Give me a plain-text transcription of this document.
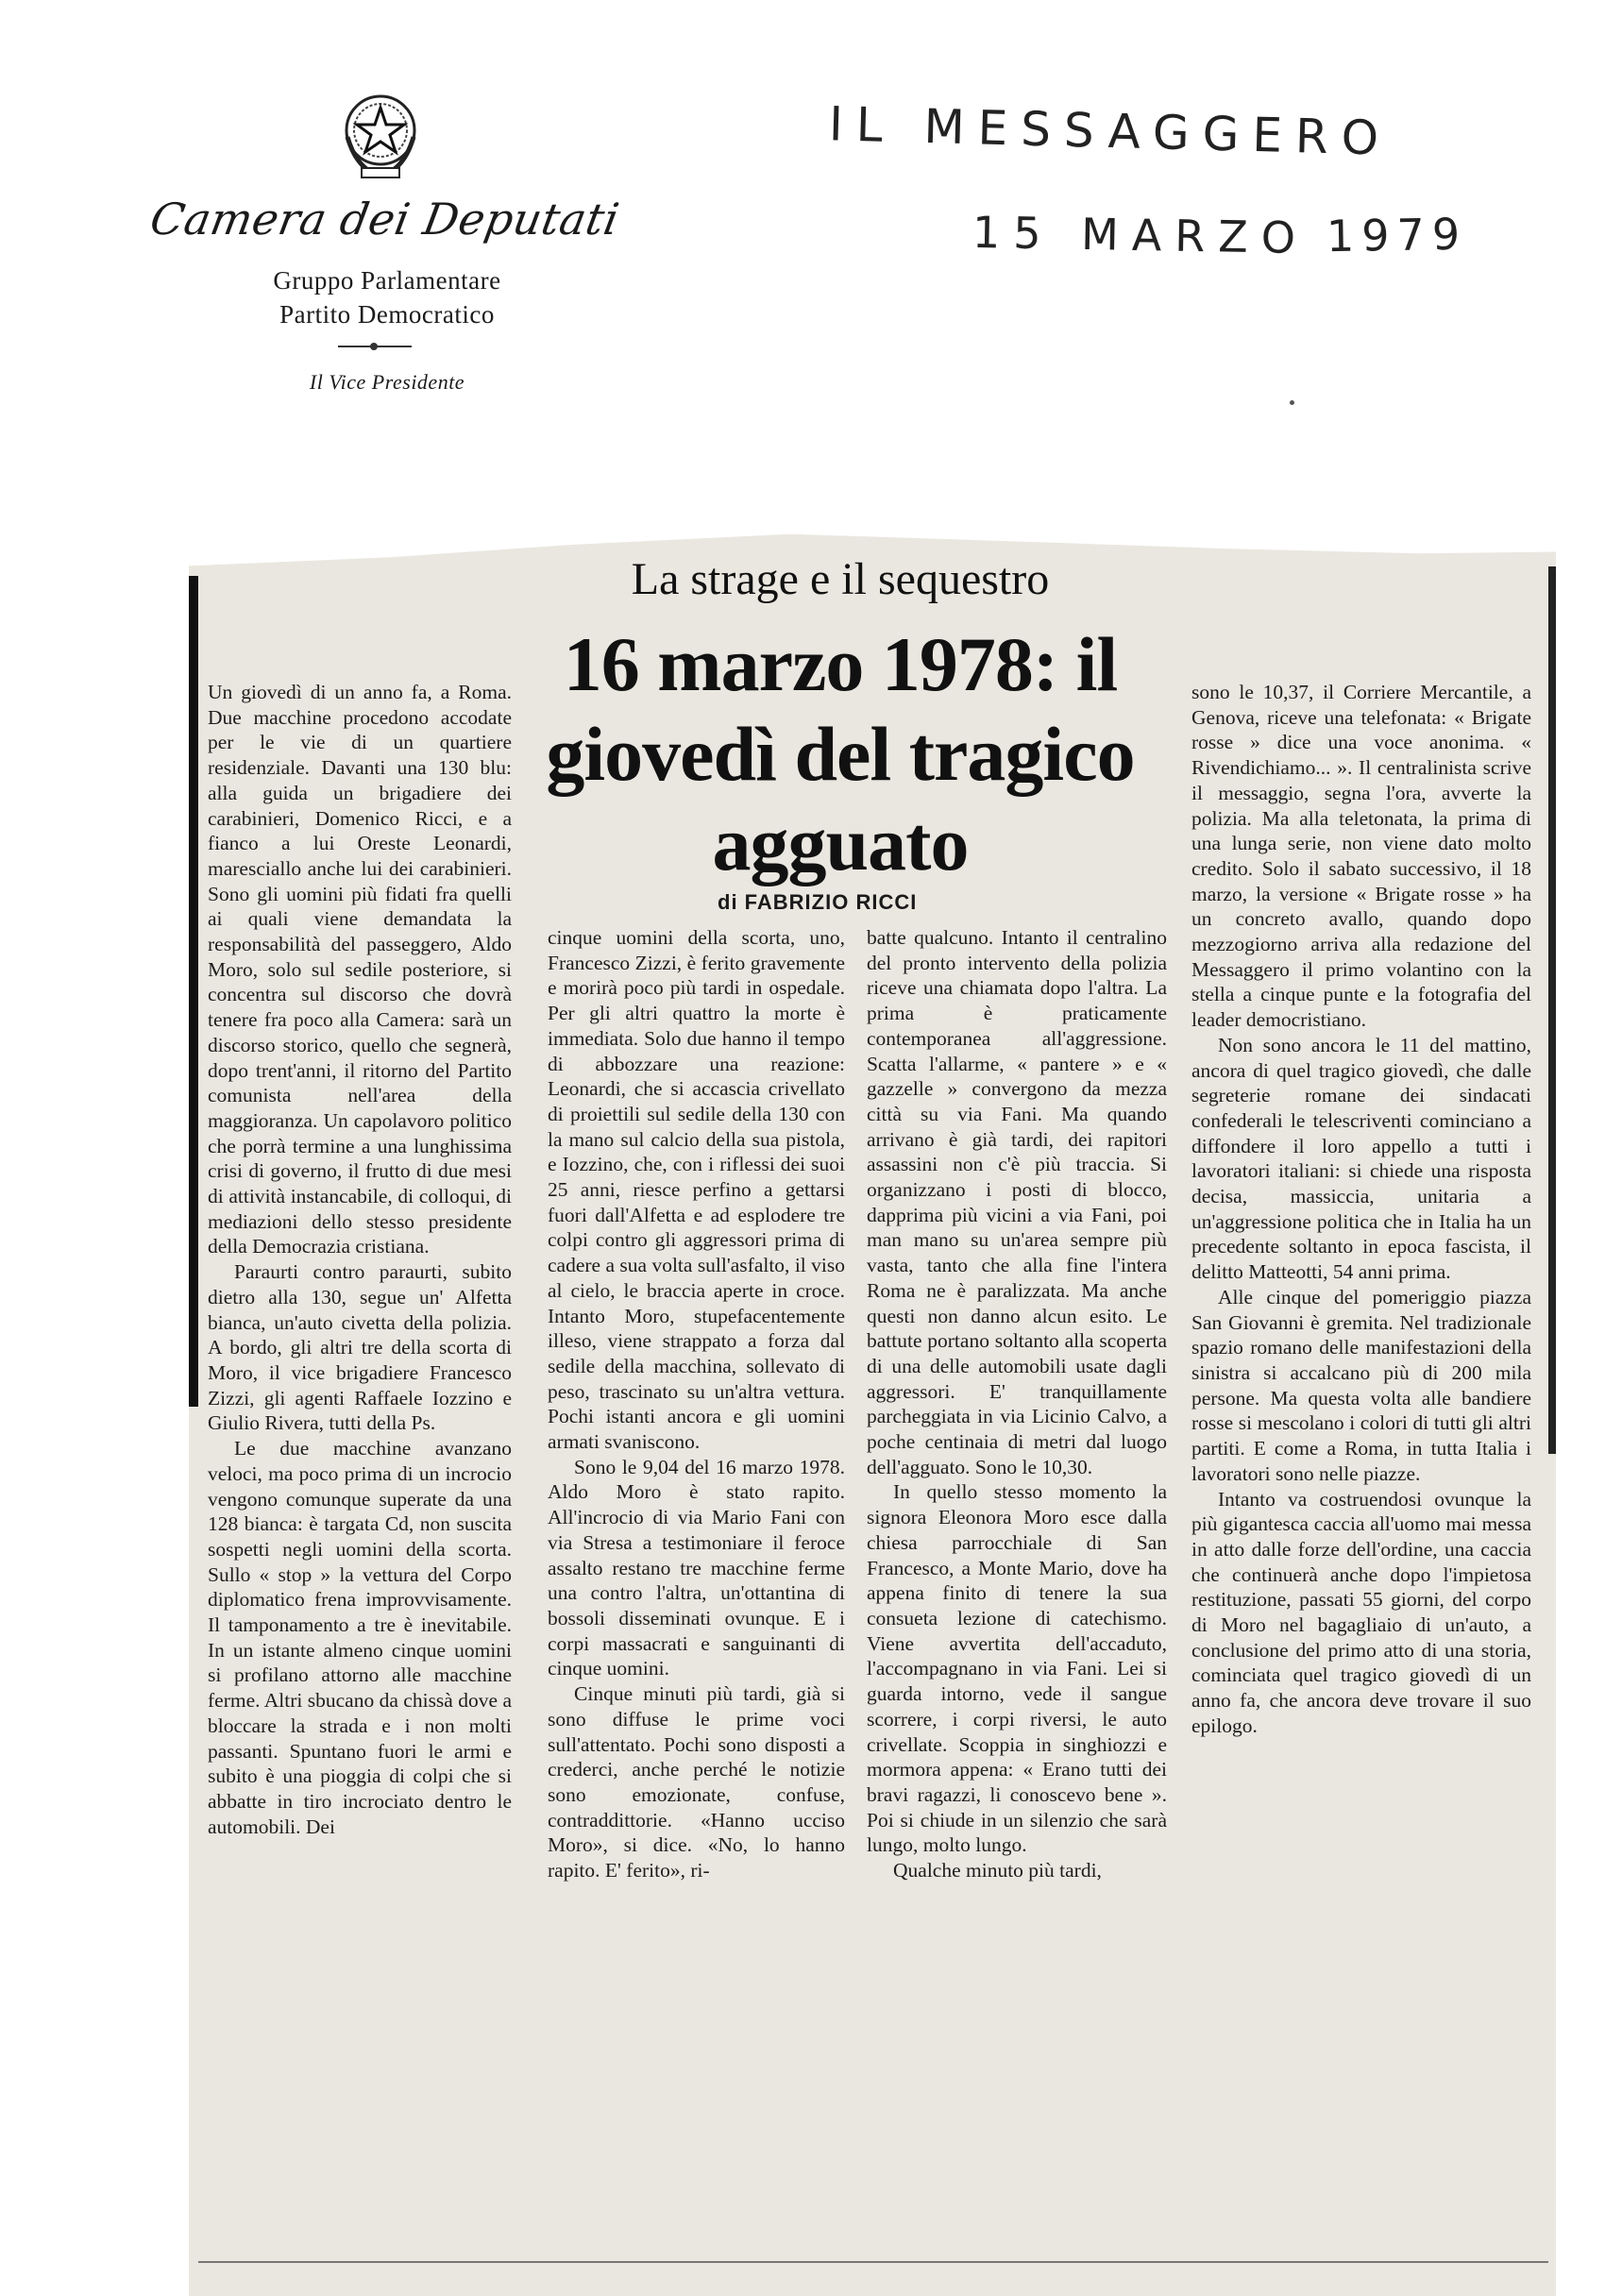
Camera dei Deputati
Gruppo Parlamentare
Partito Democratico
Il Vice Presidente
IL MESSAGGERO
15 MARZO 1979
La strage e il sequestro
16 marzo 1978: il giovedì del tragico agguato
di FABRIZIO RICCI

Un giovedì di un anno fa, a Roma. Due macchine procedono accodate per le vie di un quartiere residenziale. Davanti una 130 blu: alla guida un brigadiere dei carabinieri, Domenico Ricci, e a fianco a lui Oreste Leonardi, maresciallo anche lui dei carabinieri. Sono gli uomini più fidati fra quelli ai quali viene demandata la responsabilità del passeggero, Aldo Moro, solo sul sedile posteriore, si concentra sul discorso che dovrà tenere fra poco alla Camera: sarà un discorso storico, quello che segnerà, dopo trent'anni, il ritorno del Partito comunista nell'area della maggioranza. Un capolavoro politico che porrà termine a una lunghissima crisi di governo, il frutto di due mesi di attività instancabile, di colloqui, di mediazioni dello stesso presidente della Democrazia cristiana.

Paraurti contro paraurti, subito dietro alla 130, segue un' Alfetta bianca, un'auto civetta della polizia. A bordo, gli altri tre della scorta di Moro, il vice brigadiere Francesco Zizzi, gli agenti Raffaele Iozzino e Giulio Rivera, tutti della Ps.

Le due macchine avanzano veloci, ma poco prima di un incrocio vengono comunque superate da una 128 bianca: è targata Cd, non suscita sospetti negli uomini della scorta. Sullo « stop » la vettura del Corpo diplomatico frena improvvisamente. Il tamponamento a tre è inevitabile. In un istante almeno cinque uomini si profilano attorno alle macchine ferme. Altri sbucano da chissà dove a bloccare la strada e i non molti passanti. Spuntano fuori le armi e subito è una pioggia di colpi che si abbatte in tiro incrociato dentro le automobili. Dei

cinque uomini della scorta, uno, Francesco Zizzi, è ferito gravemente e morirà poco più tardi in ospedale. Per gli altri quattro la morte è immediata. Solo due hanno il tempo di abbozzare una reazione: Leonardi, che si accascia crivellato di proiettili sul sedile della 130 con la mano sul calcio della sua pistola, e Iozzino, che, con i riflessi dei suoi 25 anni, riesce perfino a gettarsi fuori dall'Alfetta e ad esplodere tre colpi contro gli aggressori prima di cadere a sua volta sull'asfalto, il viso al cielo, le braccia aperte in croce. Intanto Moro, stupefacentemente illeso, viene strappato a forza dal sedile della macchina, sollevato di peso, trascinato su un'altra vettura. Pochi istanti ancora e gli uomini armati svaniscono.

Sono le 9,04 del 16 marzo 1978. Aldo Moro è stato rapito. All'incrocio di via Mario Fani con via Stresa a testimoniare il feroce assalto restano tre macchine ferme una contro l'altra, un'ottantina di bossoli disseminati ovunque. E i corpi massacrati e sanguinanti di cinque uomini.

Cinque minuti più tardi, già si sono diffuse le prime voci sull'attentato. Pochi sono disposti a crederci, anche perché le notizie sono emozionate, confuse, contraddittorie. «Hanno ucciso Moro», si dice. «No, lo hanno rapito. E' ferito», ri-

batte qualcuno. Intanto il centralino del pronto intervento della polizia riceve una chiamata dopo l'altra. La prima è praticamente contemporanea all'aggressione. Scatta l'allarme, « pantere » e « gazzelle » convergono da mezza città su via Fani. Ma quando arrivano è già tardi, dei rapitori assassini non c'è più traccia. Si organizzano i posti di blocco, dapprima più vicini a via Fani, poi man mano su un'area sempre più vasta, tanto che alla fine l'intera Roma ne è paralizzata. Ma anche questi non danno alcun esito. Le battute portano soltanto alla scoperta di una delle automobili usate dagli aggressori. E' tranquillamente parcheggiata in via Licinio Calvo, a poche centinaia di metri dal luogo dell'agguato. Sono le 10,30.

In quello stesso momento la signora Eleonora Moro esce dalla chiesa parrocchiale di San Francesco, a Monte Mario, dove ha appena finito di tenere la sua consueta lezione di catechismo. Viene avvertita dell'accaduto, l'accompagnano in via Fani. Lei si guarda intorno, vede il sangue scorrere, i corpi riversi, le auto crivellate. Scoppia in singhiozzi e mormora appena: « Erano tutti dei bravi ragazzi, li conoscevo bene ». Poi si chiude in un silenzio che sarà lungo, molto lungo.

Qualche minuto più tardi,

sono le 10,37, il Corriere Mercantile, a Genova, riceve una telefonata: « Brigate rosse » dice una voce anonima. « Rivendichiamo... ». Il centralinista scrive il messaggio, segna l'ora, avverte la polizia. Ma alla teletonata, la prima di una lunga serie, non viene dato molto credito. Solo il sabato successivo, il 18 marzo, la versione « Brigate rosse » ha un concreto avallo, quando dopo mezzogiorno arriva alla redazione del Messaggero il primo volantino con la stella a cinque punte e la fotografia del leader democristiano.

Non sono ancora le 11 del mattino, ancora di quel tragico giovedì, che dalle segreterie romane dei sindacati confederali le telescriventi cominciano a diffondere il loro appello a tutti i lavoratori italiani: si chiede una risposta decisa, massiccia, unitaria a un'aggressione politica che in Italia ha un precedente soltanto in epoca fascista, il delitto Matteotti, 54 anni prima.

Alle cinque del pomeriggio piazza San Giovanni è gremita. Nel tradizionale spazio romano delle manifestazioni della sinistra si accalcano più di 200 mila persone. Ma questa volta alle bandiere rosse si mescolano i colori di tutti gli altri partiti. E come a Roma, in tutta Italia i lavoratori sono nelle piazze.

Intanto va costruendosi ovunque la più gigantesca caccia all'uomo mai messa in atto dalle forze dell'ordine, una caccia che continuerà anche dopo l'impietosa restituzione, passati 55 giorni, del corpo di Moro nel bagagliaio di un'auto, a conclusione del primo atto di una storia, cominciata quel tragico giovedì di un anno fa, che ancora deve trovare il suo epilogo.
